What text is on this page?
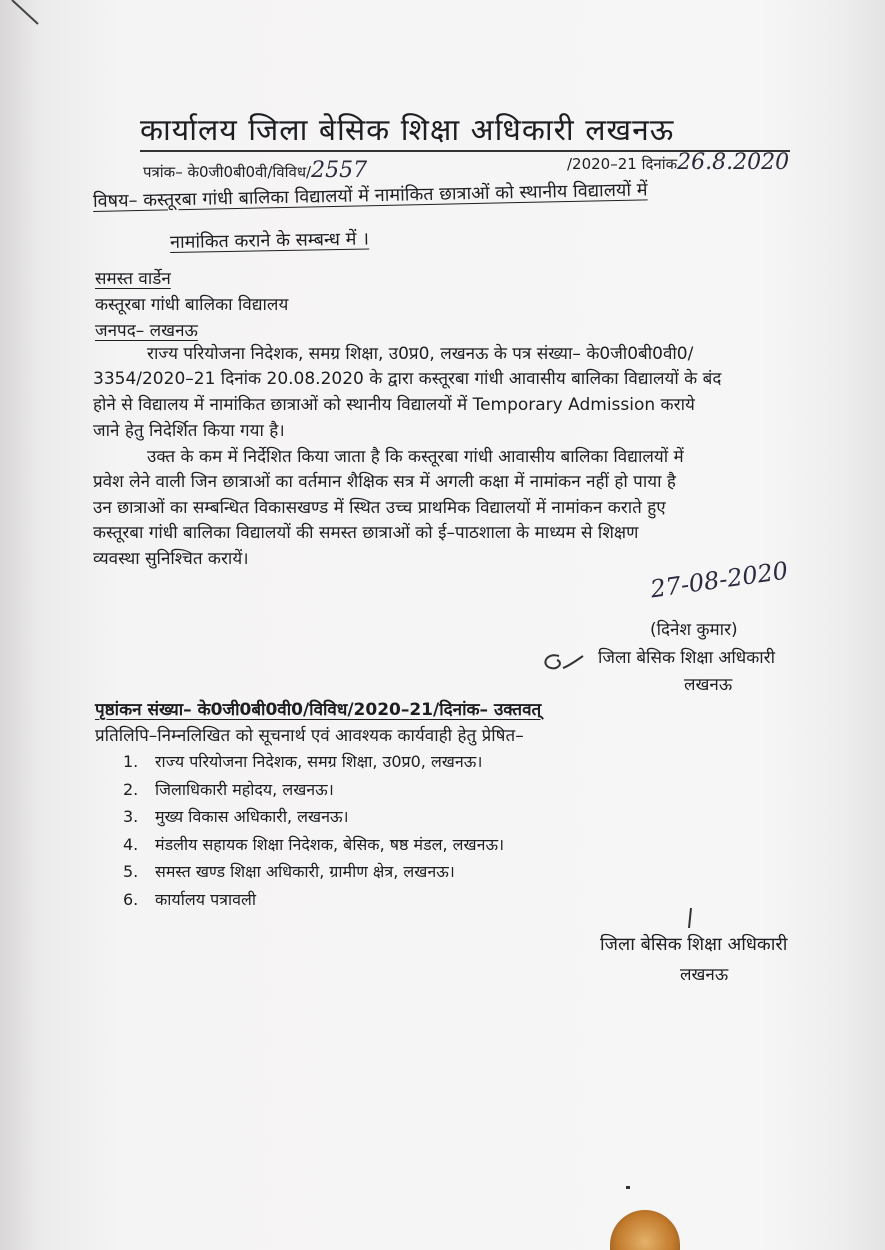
कार्यालय जिला बेसिक शिक्षा अधिकारी लखनऊ
पत्रांक– के0जी0बी0वी/विविध/2557	/2020–21 दिनांक26.8.2020
विषय– कस्तूरबा गांधी बालिका विद्यालयों में नामांकित छात्राओं को स्थानीय विद्यालयों में
नामांकित कराने के सम्बन्ध में ।
समस्त वार्डेन
कस्तूरबा गांधी बालिका विद्यालय
जनपद– लखनऊ
राज्य परियोजना निदेशक, समग्र शिक्षा, उ0प्र0, लखनऊ के पत्र संख्या– के0जी0बी0वी0/
3354/2020–21 दिनांक 20.08.2020 के द्वारा कस्तूरबा गांधी आवासीय बालिका विद्यालयों के बंद
होने से विद्यालय में नामांकित छात्राओं को स्थानीय विद्यालयों में Temporary Admission कराये
जाने हेतु निदेर्शित किया गया है।
उक्त के कम में निर्देशित किया जाता है कि कस्तूरबा गांधी आवासीय बालिका विद्यालयों में
प्रवेश लेने वाली जिन छात्राओं का वर्तमान शैक्षिक सत्र में अगली कक्षा में नामांकन नहीं हो पाया है
उन छात्राओं का सम्बन्धित विकासखण्ड में स्थित उच्च प्राथमिक विद्यालयों में नामांकन कराते हुए
कस्तूरबा गांधी बालिका विद्यालयों की समस्त छात्राओं को ई–पाठशाला के माध्यम से शिक्षण
व्यवस्था सुनिश्चित करायें।	27-08-2020
(दिनेश कुमार)
जिला बेसिक शिक्षा अधिकारी
लखनऊ
पृष्ठांकन संख्या– के0जी0बी0वी0/विविध/2020–21/दिनांक– उक्तवत्
प्रतिलिपि–निम्नलिखित को सूचनार्थ एवं आवश्यक कार्यवाही हेतु प्रेषित–
1. राज्य परियोजना निदेशक, समग्र शिक्षा, उ0प्र0, लखनऊ।
2. जिलाधिकारी महोदय, लखनऊ।
3. मुख्य विकास अधिकारी, लखनऊ।
4. मंडलीय सहायक शिक्षा निदेशक, बेसिक, षष्ठ मंडल, लखनऊ।
5. समस्त खण्ड शिक्षा अधिकारी, ग्रामीण क्षेत्र, लखनऊ।
6. कार्यालय पत्रावली
जिला बेसिक शिक्षा अधिकारी
लखनऊ
